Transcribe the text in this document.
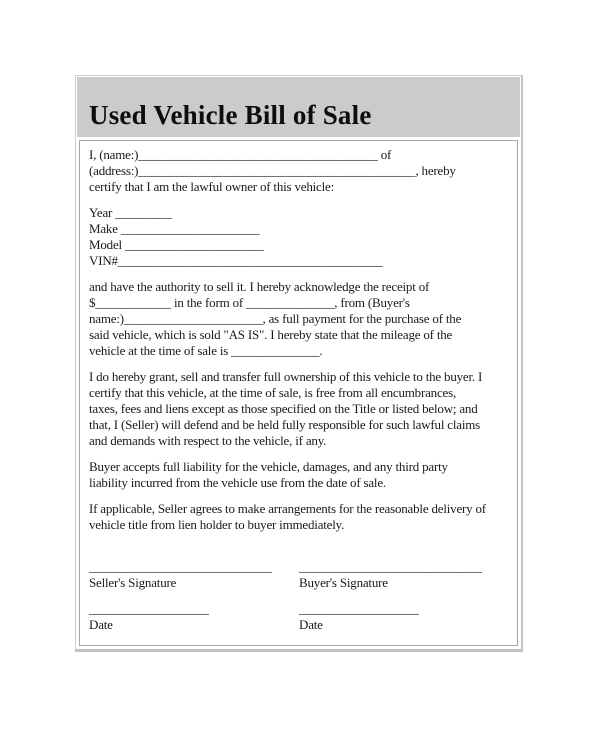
Used Vehicle Bill of Sale
I, (name:)______________________________________ of
(address:)____________________________________________, hereby
certify that I am the lawful owner of this vehicle:
Year _________
Make ______________________
Model ______________________
VIN#__________________________________________
and have the authority to sell it. I hereby acknowledge the receipt of
$____________ in the form of ______________, from (Buyer's
name:)______________________, as full payment for the purchase of the
said vehicle, which is sold "AS IS". I hereby state that the mileage of the
vehicle at the time of sale is ______________.
I do hereby grant, sell and transfer full ownership of this vehicle to the buyer. I
certify that this vehicle, at the time of sale, is free from all encumbrances,
taxes, fees and liens except as those specified on the Title or listed below; and
that, I (Seller) will defend and be held fully responsible for such lawful claims
and demands with respect to the vehicle, if any.
Buyer accepts full liability for the vehicle, damages, and any third party
liability incurred from the vehicle use from the date of sale.
If applicable, Seller agrees to make arrangements for the reasonable delivery of
vehicle title from lien holder to buyer immediately.
_____________________________
Seller's Signature
___________________
Date
_____________________________
Buyer's Signature
___________________
Date
